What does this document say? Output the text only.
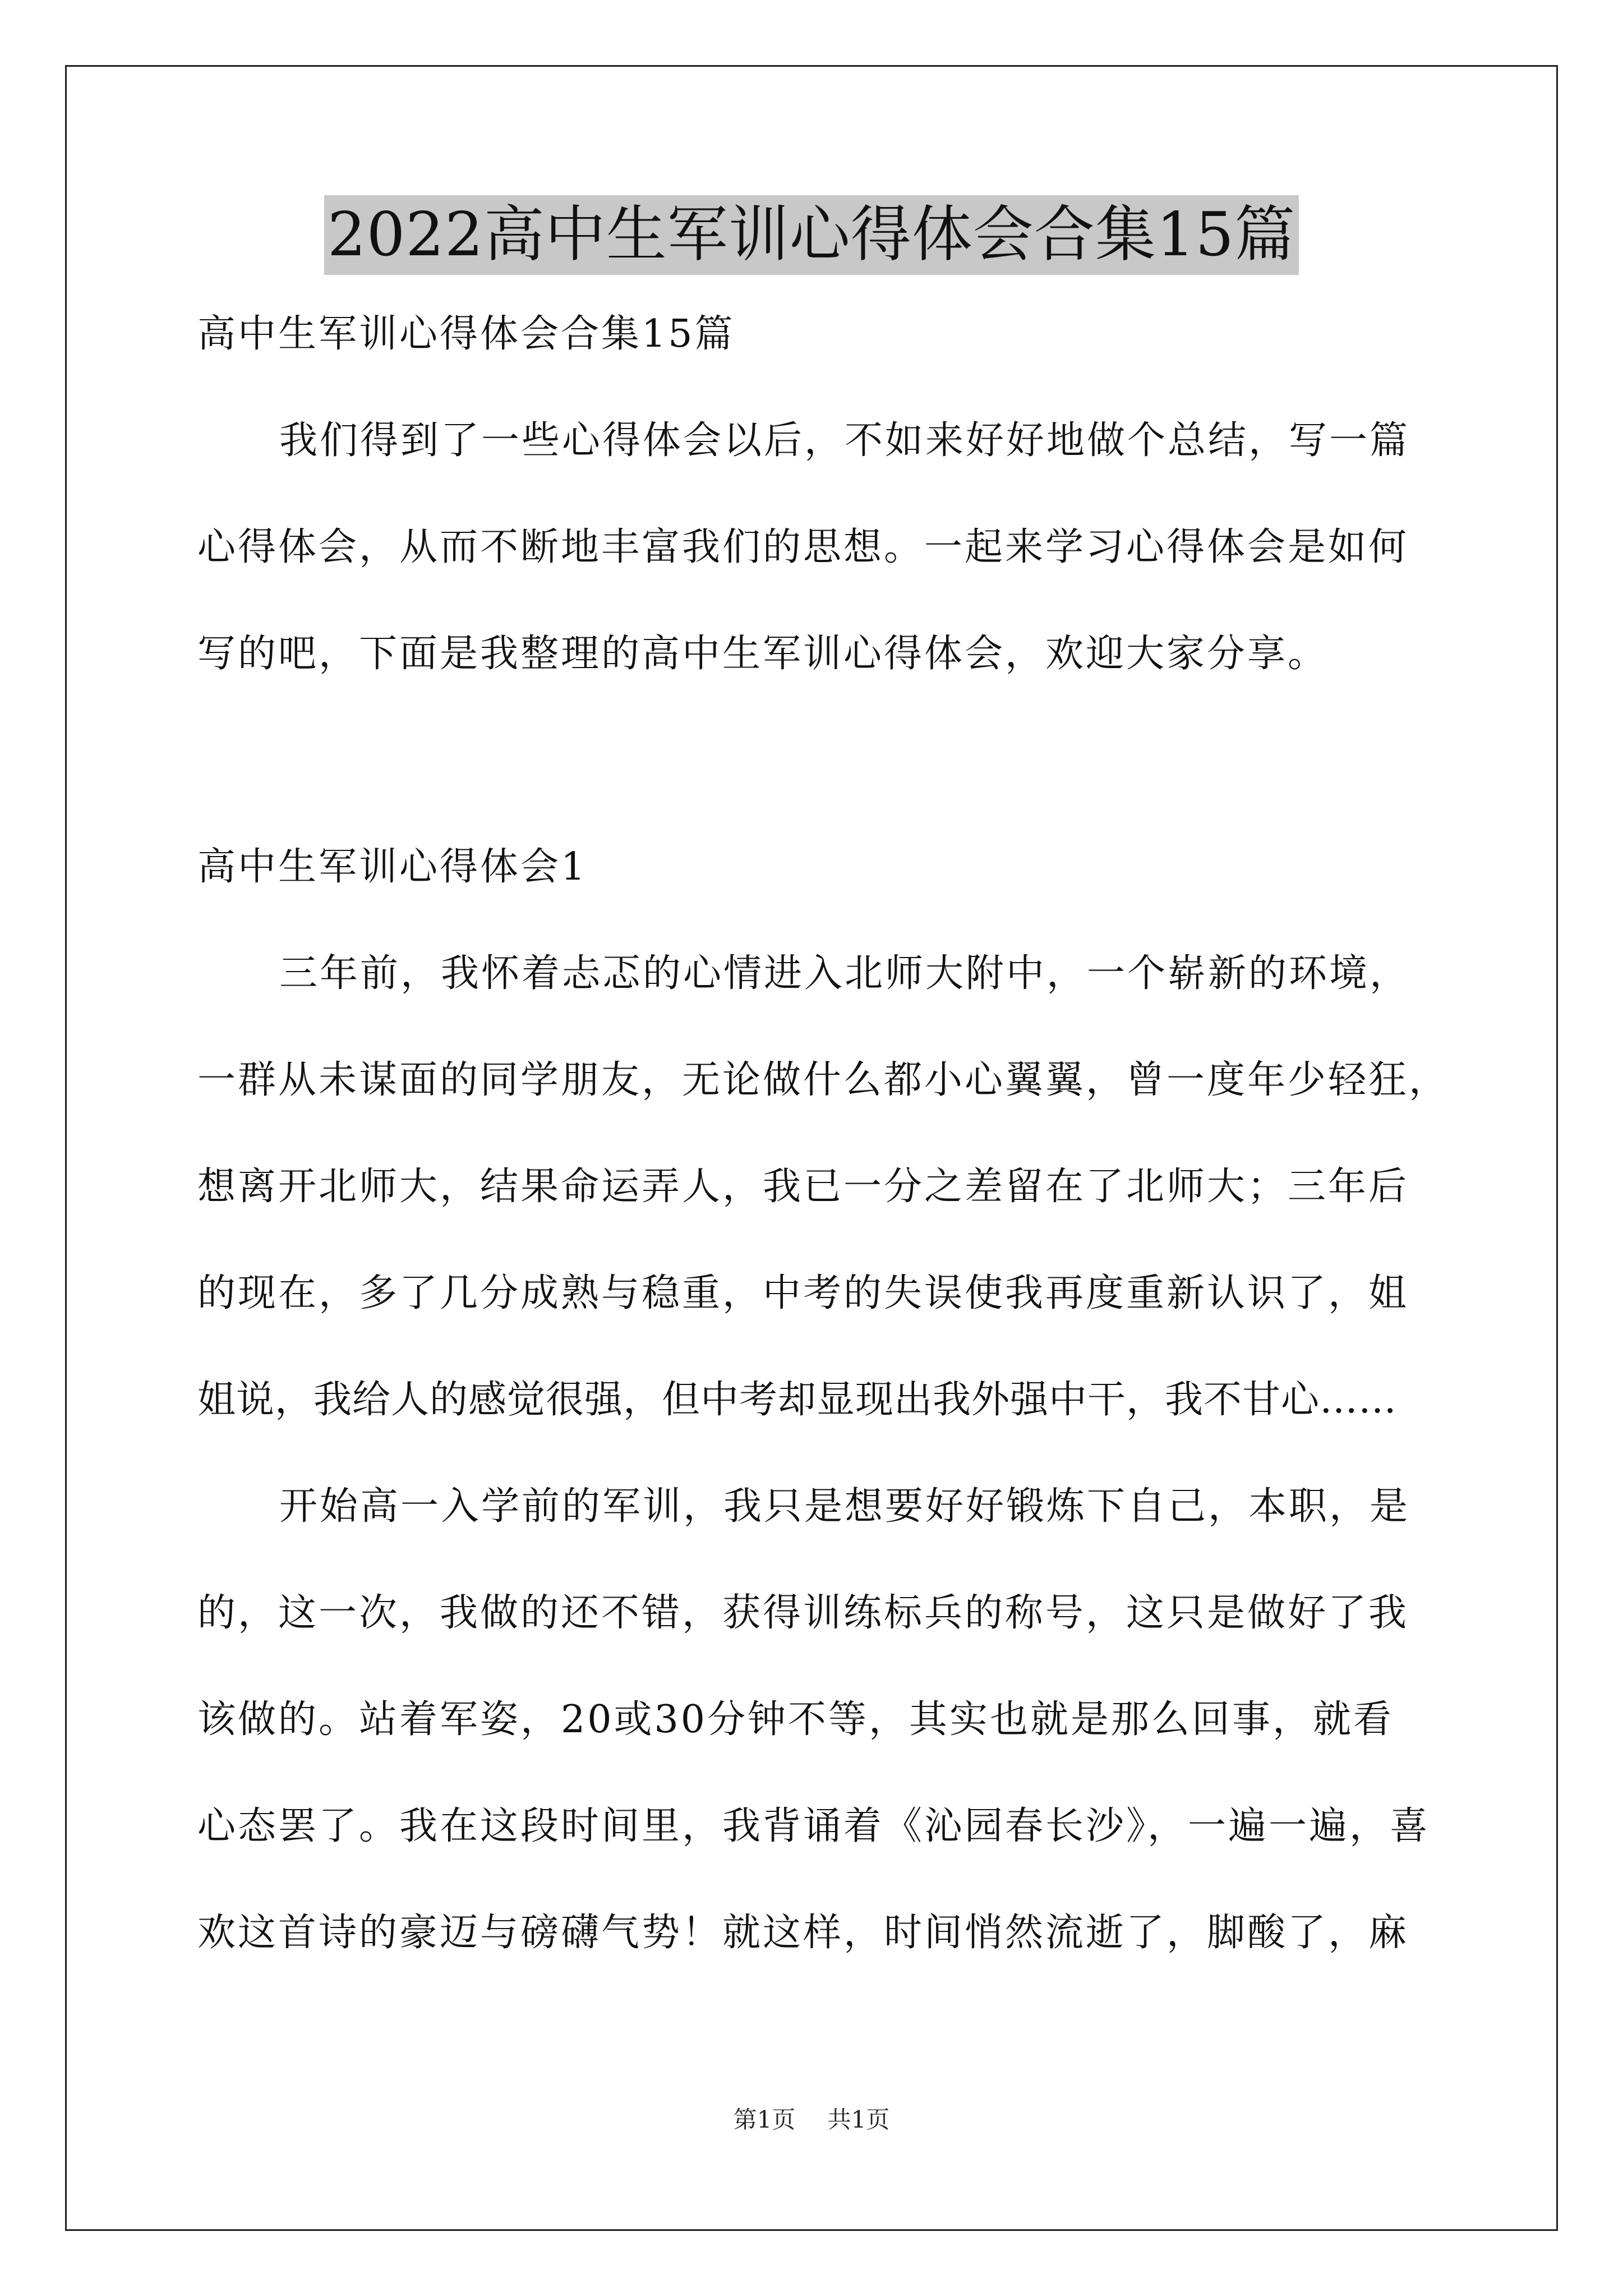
2022高中生军训心得体会合集15篇

高中生军训心得体会合集15篇

我们得到了一些心得体会以后，不如来好好地做个总结，写一篇
心得体会，从而不断地丰富我们的思想。一起来学习心得体会是如何
写的吧，下面是我整理的高中生军训心得体会，欢迎大家分享。
高中生军训心得体会1
三年前，我怀着忐忑的心情进入北师大附中，一个崭新的环境，
一群从未谋面的同学朋友，无论做什么都小心翼翼，曾一度年少轻狂，
想离开北师大，结果命运弄人，我已一分之差留在了北师大；三年后
的现在，多了几分成熟与稳重，中考的失误使我再度重新认识了，姐
姐说，我给人的感觉很强，但中考却显现出我外强中干，我不甘心……
开始高一入学前的军训，我只是想要好好锻炼下自己，本职，是
的，这一次，我做的还不错，获得训练标兵的称号，这只是做好了我
该做的。站着军姿，20或30分钟不等，其实也就是那么回事，就看
心态罢了。我在这段时间里，我背诵着《沁园春长沙》，一遍一遍，喜
欢这首诗的豪迈与磅礴气势！就这样，时间悄然流逝了，脚酸了，麻
第1页 共1页
